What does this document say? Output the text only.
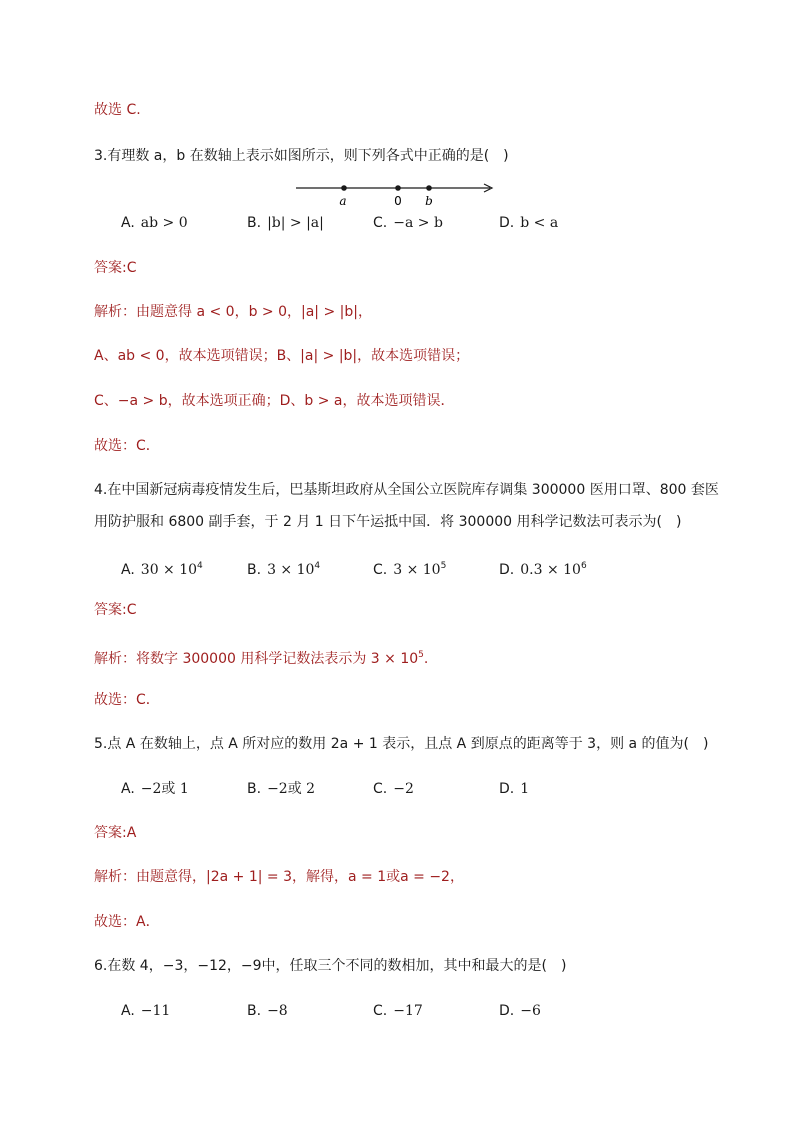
故选 C.
3.有理数 a，b 在数轴上表示如图所示，则下列各式中正确的是(　)
a	0 b
A. ab > 0	B. |b| > |a|	C. −a > b	D. b < a
答案:C
解析：由题意得 a < 0，b > 0，|a| > |b|，
A、ab < 0，故本选项错误；B、|a| > |b|，故本选项错误；
C、−a > b，故本选项正确；D、b > a，故本选项错误．
故选：C．
4.在中国新冠病毒疫情发生后，巴基斯坦政府从全国公立医院库存调集 300000 医用口罩、800 套医
用防护服和 6800 副手套，于 2 月 1 日下午运抵中国．将 300000 用科学记数法可表示为(　)
A. $30 \times 10^4$	B. $3 \times 10^4$	C. $3 \times 10^5$	D. $0.3 \times 10^6$
答案:C
解析：将数字 300000 用科学记数法表示为 $3 \times 10^5$.
故选：C．
5.点 A 在数轴上，点 A 所对应的数用 2a + 1 表示，且点 A 到原点的距离等于 3，则 a 的值为(　)
A. −2或 1	B. −2或 2	C. −2	D. 1
答案:A
解析：由题意得，|2a + 1| = 3，解得，a = 1或a = −2，
故选：A．
6.在数 4，−3，−12，−9中，任取三个不同的数相加，其中和最大的是(　)
A. −11	B. −8	C. −17	D. −6
